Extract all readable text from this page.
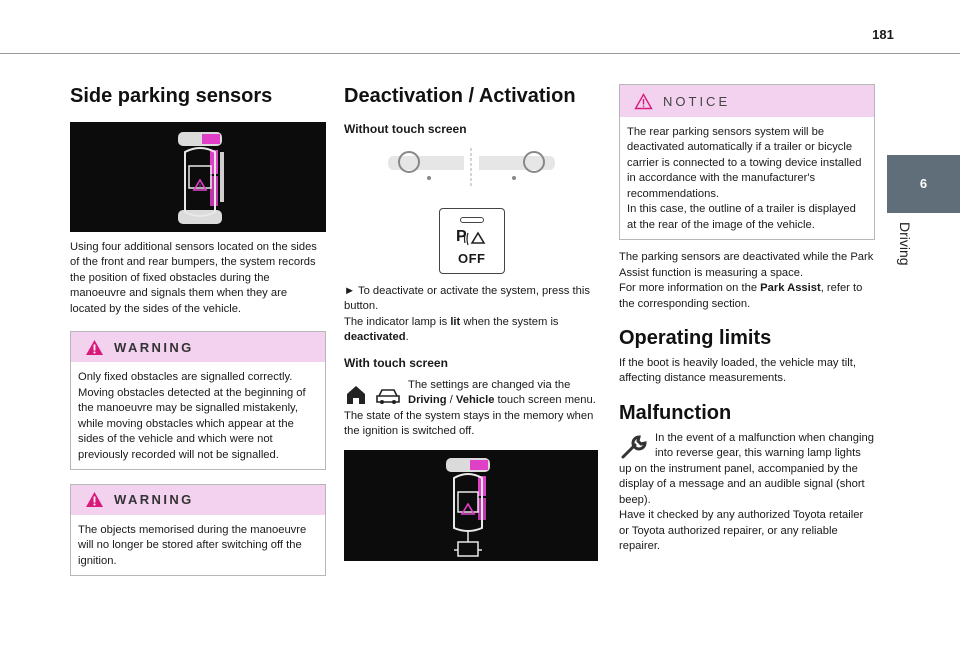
181
6
Driving
Side parking sensors
!

Using four additional sensors located on the sides of the front and rear bumpers, the system records the position of fixed obstacles during the manoeuvre and signals them when they are located by the sides of the vehicle.

WARNING

Only fixed obstacles are signalled correctly. Moving obstacles detected at the beginning of the manoeuvre may be signalled mistakenly, while moving obstacles which appear at the sides of the vehicle and which were not previously recorded will not be signalled.

WARNING

The objects memorised during the manoeuvre will no longer be stored after switching off the ignition.

Deactivation / Activation
Without touch screen
P
OFF

► To deactivate or activate the system, press this button.
The indicator lamp is lit when the system is
deactivated.

With touch screen

The settings are changed via the Driving / Vehicle touch screen menu.
The state of the system stays in the memory when the ignition is switched off.

NOTICE

The rear parking sensors system will be deactivated automatically if a trailer or bicycle carrier is connected to a towing device installed in accordance with the manufacturer's recommendations.
In this case, the outline of a trailer is displayed at the rear of the image of the vehicle.

The parking sensors are deactivated while the Park Assist function is measuring a space.
For more information on the Park Assist, refer to the corresponding section.

Operating limits

If the boot is heavily loaded, the vehicle may tilt, affecting distance measurements.

Malfunction

In the event of a malfunction when changing into reverse gear, this warning lamp lights up on the instrument panel, accompanied by the display of a message and an audible signal (short beep).
Have it checked by any authorized Toyota retailer or Toyota authorized repairer, or any reliable repairer.
